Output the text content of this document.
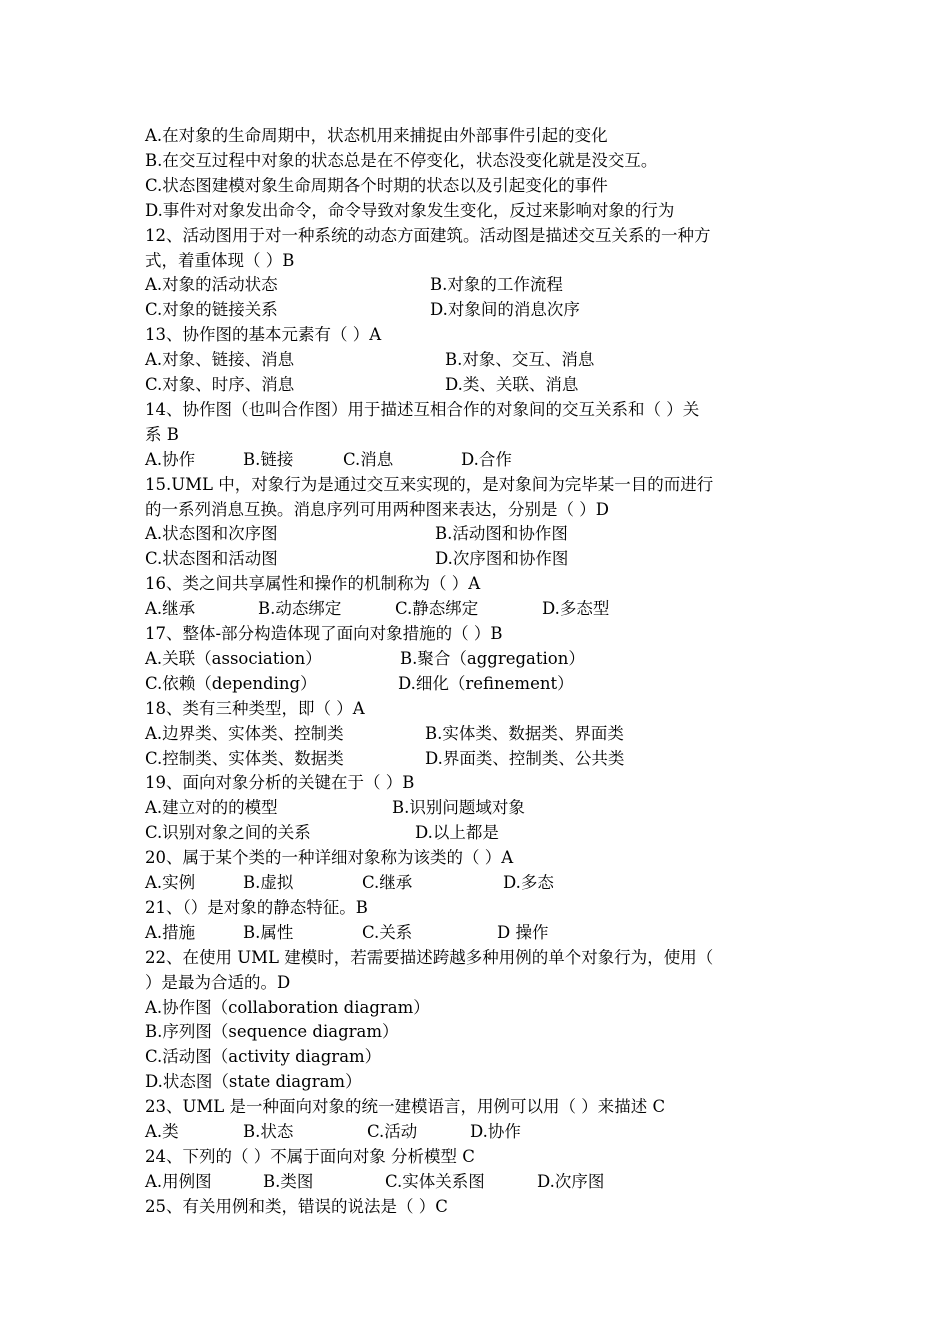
A.在对象的生命周期中，状态机用来捕捉由外部事件引起的变化
B.在交互过程中对象的状态总是在不停变化，状态没变化就是没交互。
C.状态图建模对象生命周期各个时期的状态以及引起变化的事件
D.事件对对象发出命令，命令导致对象发生变化，反过来影响对象的行为
12、活动图用于对一种系统的动态方面建筑。活动图是描述交互关系的一种方
式，着重体现（ ）B
A.对象的活动状态	B.对象的工作流程
C.对象的链接关系	D.对象间的消息次序
13、协作图的基本元素有（ ）A
A.对象、链接、消息	B.对象、交互、消息
C.对象、时序、消息	D.类、关联、消息
14、协作图（也叫合作图）用于描述互相合作的对象间的交互关系和（ ）关
系 B
A.协作	B.链接	C.消息	D.合作
15.UML 中，对象行为是通过交互来实现的，是对象间为完毕某一目的而进行
的一系列消息互换。消息序列可用两种图来表达，分别是（ ）D
A.状态图和次序图	B.活动图和协作图
C.状态图和活动图	D.次序图和协作图
16、类之间共享属性和操作的机制称为（ ）A
A.继承	B.动态绑定	C.静态绑定	D.多态型
17、整体-部分构造体现了面向对象措施的（ ）B
A.关联（association）	B.聚合（aggregation）
C.依赖（depending）	D.细化（refinement）
18、类有三种类型，即（ ）A
A.边界类、实体类、控制类	B.实体类、数据类、界面类
C.控制类、实体类、数据类	D.界面类、控制类、公共类
19、面向对象分析的关键在于（ ）B
A.建立对的的模型	B.识别问题域对象
C.识别对象之间的关系	D.以上都是
20、属于某个类的一种详细对象称为该类的（ ）A
A.实例	B.虚拟	C.继承	D.多态
21、（）是对象的静态特征。B
A.措施	B.属性	C.关系	D 操作
22、在使用 UML 建模时，若需要描述跨越多种用例的单个对象行为，使用（
）是最为合适的。D
A.协作图（collaboration diagram）
B.序列图（sequence diagram）
C.活动图（activity diagram）
D.状态图（state diagram）
23、UML 是一种面向对象的统一建模语言，用例可以用（ ）来描述 C
A.类	B.状态	C.活动	D.协作
24、下列的（ ）不属于面向对象 分析模型 C
A.用例图	B.类图	C.实体关系图	D.次序图
25、有关用例和类，错误的说法是（ ）C
